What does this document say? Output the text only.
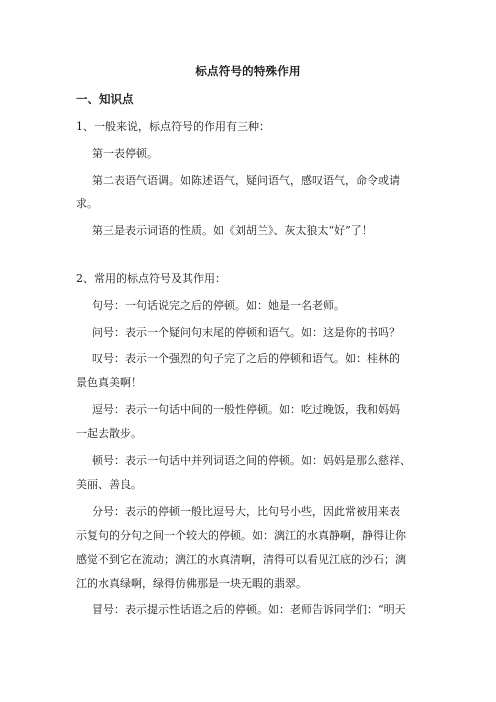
标点符号的特殊作用
一、知识点
1、一般来说，标点符号的作用有三种：
第一表停顿。
第二表语气语调。如陈述语气，疑问语气，感叹语气，命令或请
求。
第三是表示词语的性质。如《刘胡兰》、灰太狼太“好”了！
2、常用的标点符号及其作用：
句号：一句话说完之后的停顿。如：她是一名老师。
问号：表示一个疑问句末尾的停顿和语气。如：这是你的书吗？
叹号：表示一个强烈的句子完了之后的停顿和语气。如：桂林的
景色真美啊！
逗号：表示一句话中间的一般性停顿。如：吃过晚饭，我和妈妈
一起去散步。
顿号：表示一句话中并列词语之间的停顿。如：妈妈是那么慈祥、
美丽、善良。
分号：表示的停顿一般比逗号大，比句号小些，因此常被用来表
示复句的分句之间一个较大的停顿。如：漓江的水真静啊，静得让你
感觉不到它在流动；漓江的水真清啊，清得可以看见江底的沙石；漓
江的水真绿啊，绿得仿佛那是一块无暇的翡翠。
冒号：表示提示性话语之后的停顿。如：老师告诉同学们：“明天
